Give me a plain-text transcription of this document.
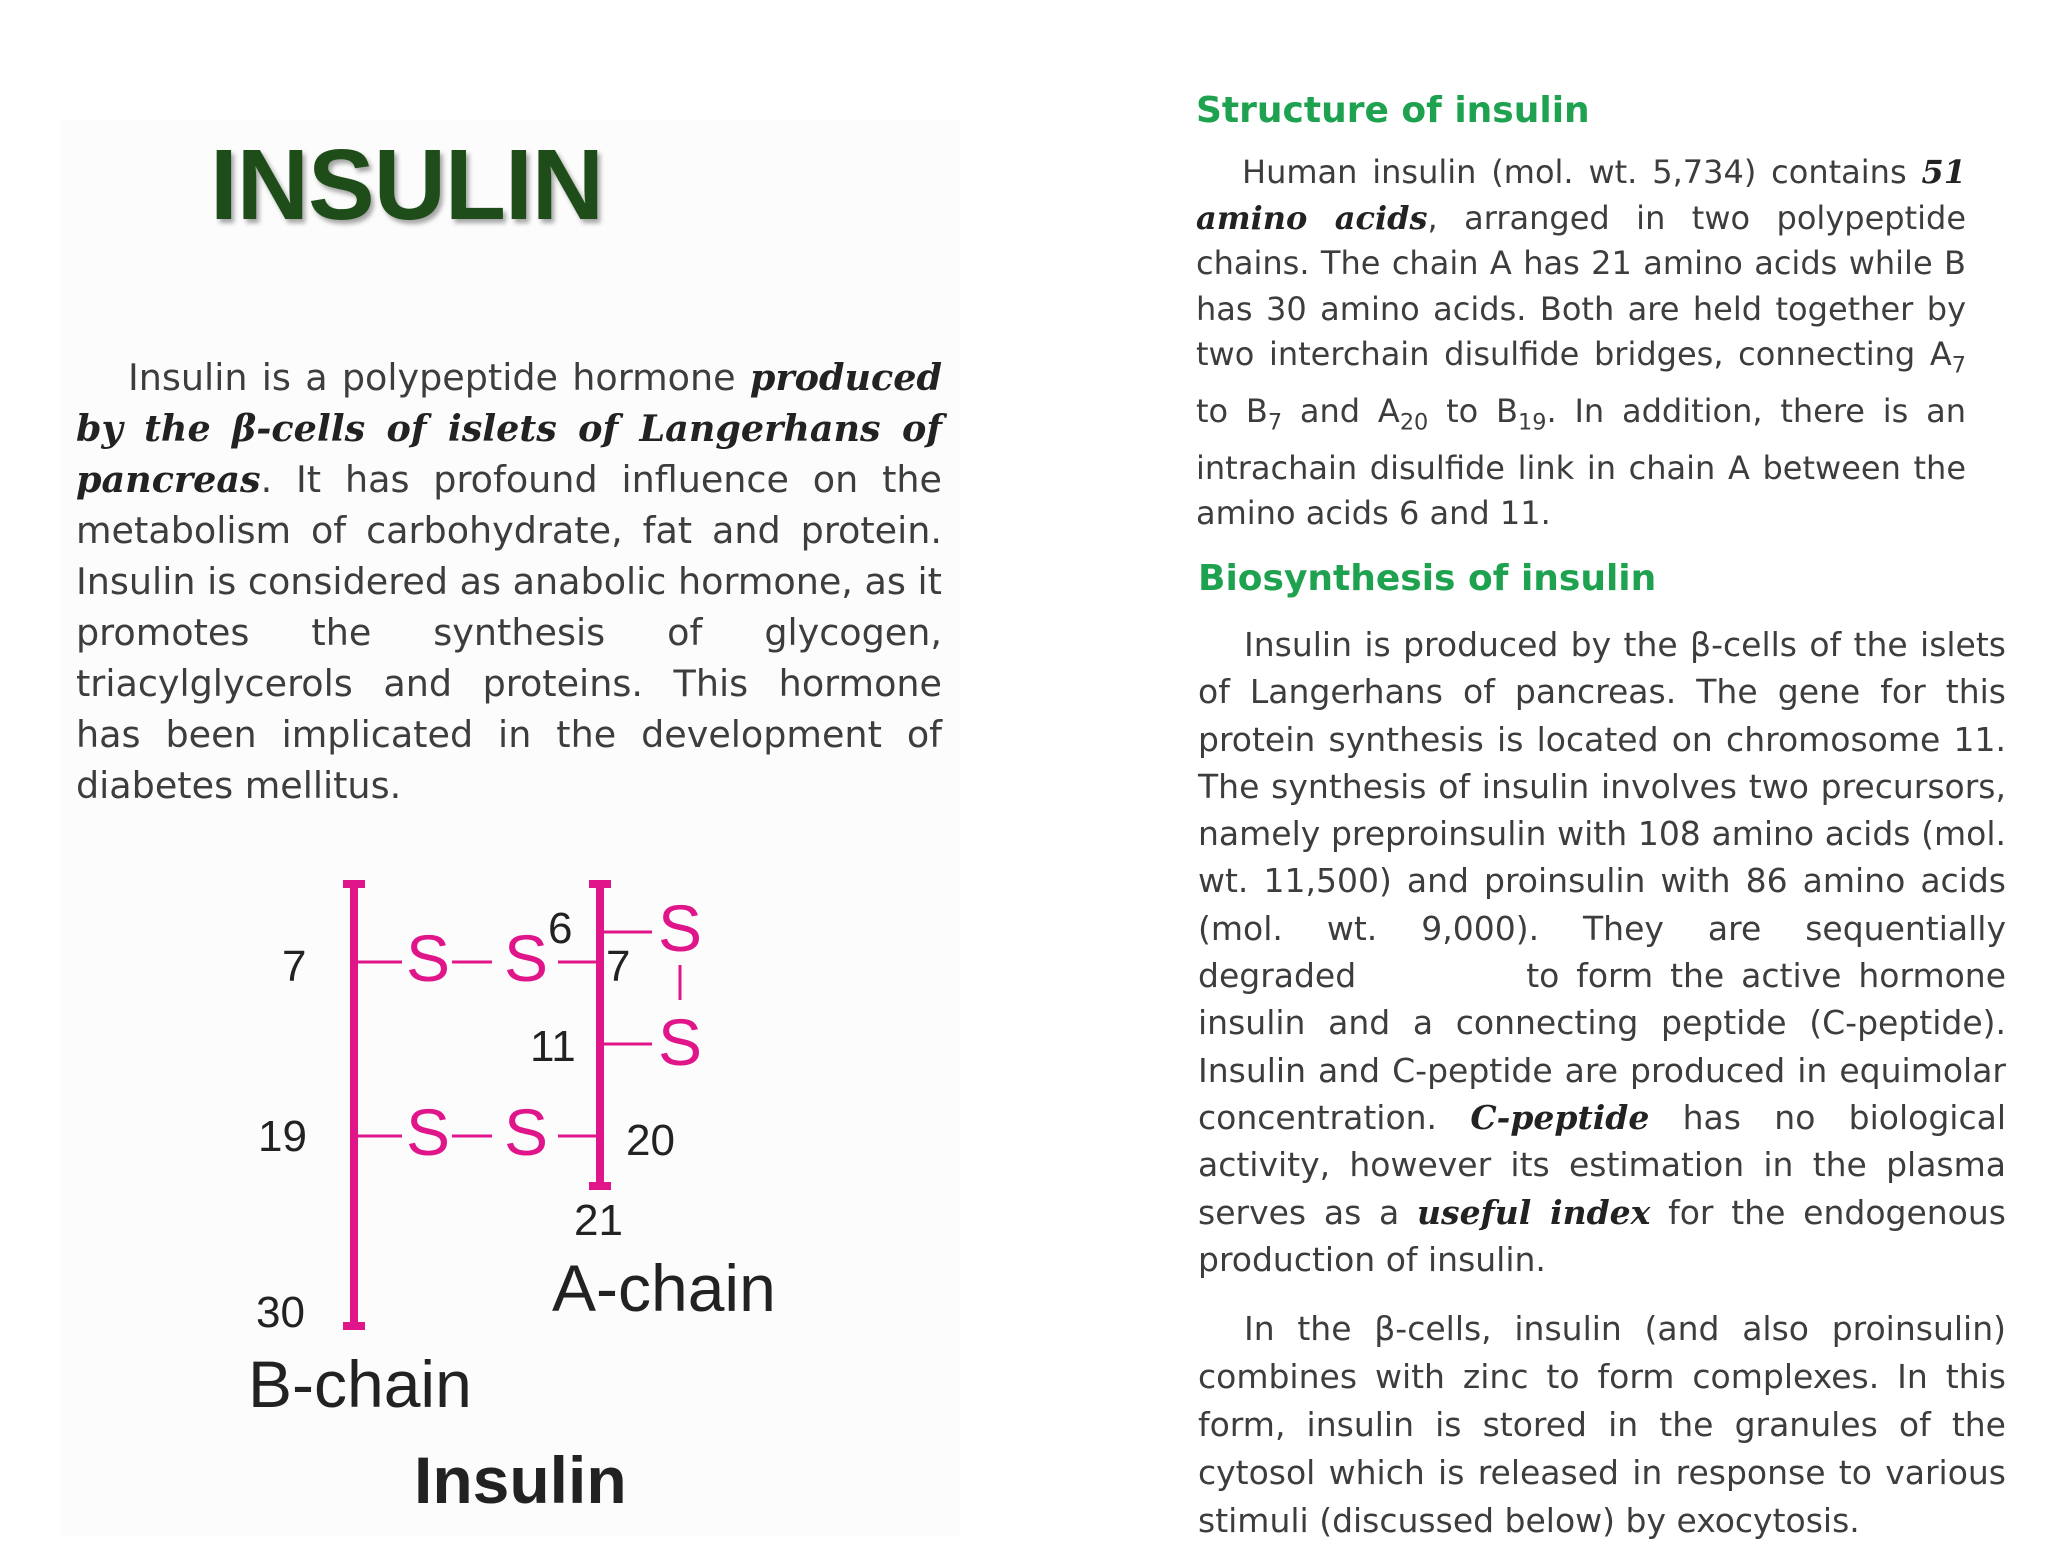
INSULIN
Insulin is a polypeptide hormone produced by the β-cells of islets of Langerhans of pancreas. It has profound influence on the metabolism of carbohydrate, fat and protein. Insulin is considered as anabolic hormone, as it promotes the synthesis of glycogen, triacylglycerols and proteins. This hormone has been implicated in the development of diabetes mellitus.
Structure of insulin
Human insulin (mol. wt. 5,734) contains 51 amino acids, arranged in two polypeptide chains. The chain A has 21 amino acids while B has 30 amino acids. Both are held together by two interchain disulfide bridges, connecting $A_7$ to $B_7$ and $A_{20}$ to $B_{19}$. In addition, there is an intrachain disulfide link in chain A between the amino acids 6 and 11.
Biosynthesis of insulin
Insulin is produced by the β-cells of the islets of Langerhans of pancreas. The gene for this protein synthesis is located on chromosome 11. The synthesis of insulin involves two precursors, namely preproinsulin with 108 amino acids (mol. wt. 11,500) and proinsulin with 86 amino acids (mol. wt. 9,000). They are sequentially degraded	to form the active hormone insulin and a connecting peptide (C-peptide). Insulin and C-peptide are produced in equimolar concentration. C-peptide has no biological activity, however its estimation in the plasma serves as a useful index for the endogenous production of insulin.
In the β-cells, insulin (and also proinsulin) combines with zinc to form complexes. In this form, insulin is stored in the granules of the cytosol which is released in response to various stimuli (discussed below) by exocytosis.
S S
S S
S
S
7
19
30
6
7
11
20
21
A-chain
B-chain
Insulin
